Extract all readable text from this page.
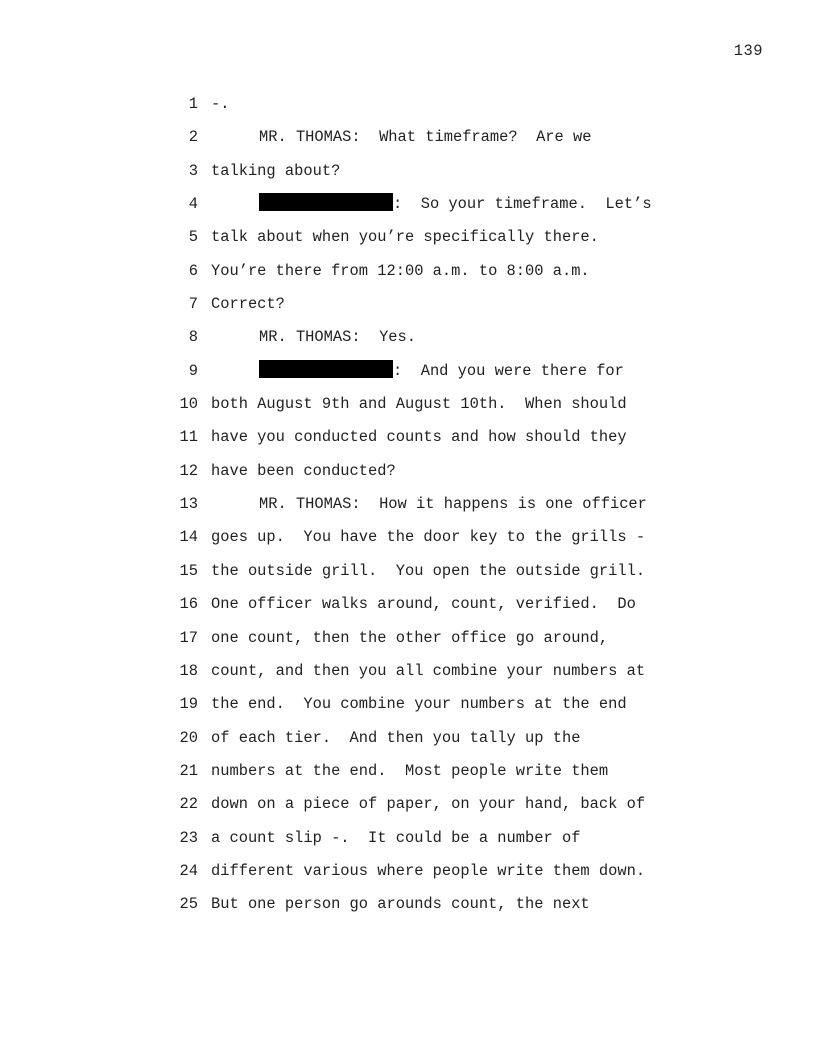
139

1

-.

2

	MR. THOMAS:  What timeframe?  Are we

3

talking about?

4

	:  So your timeframe.  Let’s

5

talk about when you’re specifically there.

6

You’re there from 12:00 a.m. to 8:00 a.m.

7

Correct?

8

	MR. THOMAS:  Yes.

9

	:  And you were there for

10

both August 9th and August 10th.  When should

11

have you conducted counts and how should they

12

have been conducted?

13

	MR. THOMAS:  How it happens is one officer

14

goes up.  You have the door key to the grills -

15

the outside grill.  You open the outside grill.

16

One officer walks around, count, verified.  Do

17

one count, then the other office go around,

18

count, and then you all combine your numbers at

19

the end.  You combine your numbers at the end

20

of each tier.  And then you tally up the

21

numbers at the end.  Most people write them

22

down on a piece of paper, on your hand, back of

23

a count slip -.  It could be a number of

24

different various where people write them down.

25

But one person go arounds count, the next
